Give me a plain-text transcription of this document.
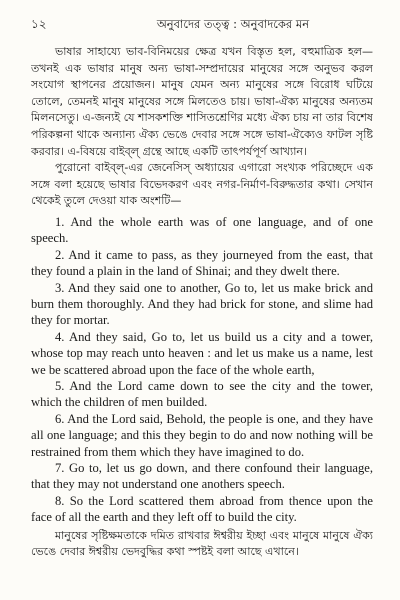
১২	অনুবাদের তত্ত্ব : অনুবাদকের মন

ভাষার সাহায্যে ভাব-বিনিময়ের ক্ষেত্র যখন বিস্তৃত হল, বহুমাত্রিক হল— তখনই এক ভাষার মানুষ অন্য ভাষা-সম্প্রদায়ের মানুষের সঙ্গে অনুভব করল সংযোগ স্থাপনের প্রয়োজন। মানুষ যেমন অন্য মানুষের সঙ্গে বিরোধ ঘটিয়ে তোলে, তেমনই মানুষ মানুষের সঙ্গে মিলতেও চায়। ভাষা-ঐক্য মানুষের অন্যতম মিলনসেতু। এ-জন্যই যে শাসকশক্তি শাসিতশ্রেণির মধ্যে ঐক্য চায় না তার বিশেষ পরিকল্পনা থাকে অন্যান্য ঐক্য ভেঙে দেবার সঙ্গে সঙ্গে ভাষা-ঐক্যেও ফাটল সৃষ্টি করবার। এ-বিষয়ে বাইব্ল্ গ্রন্থে আছে একটি তাৎপর্যপূর্ণ আখ্যান।

পুরোনো বাইব্ল্-এর জেনেসিস্ অধ্যায়ের এগারো সংখ্যক পরিচ্ছেদে এক সঙ্গে বলা হয়েছে ভাষার বিভেদকরণ এবং নগর-নির্মাণ-বিরুদ্ধতার কথা। সেখান থেকেই তুলে দেওয়া যাক অংশটি—

1. And the whole earth was of one language, and of one speech.

2. And it came to pass, as they journeyed from the east, that they found a plain in the land of Shinai; and they dwelt there.

3. And they said one to another, Go to, let us make brick and burn them thoroughly. And they had brick for stone, and slime had they for mortar.

4. And they said, Go to, let us build us a city and a tower, whose top may reach unto heaven : and let us make us a name, lest we be scattered abroad upon the face of the whole earth,

5. And the Lord came down to see the city and the tower, which the children of men builded.

6. And the Lord said, Behold, the people is one, and they have all one language; and this they begin to do and now nothing will be restrained from them which they have imagined to do.

7. Go to, let us go down, and there confound their language, that they may not understand one anothers speech.

8. So the Lord scattered them abroad from thence upon the face of all the earth and they left off to build the city.

মানুষের সৃষ্টিক্ষমতাকে দমিত রাখবার ঈশ্বরীয় ইচ্ছা এবং মানুষে মানুষে ঐক্য ভেঙে দেবার ঈশ্বরীয় ভেদবুদ্ধির কথা স্পষ্টই বলা আছে এখানে।
